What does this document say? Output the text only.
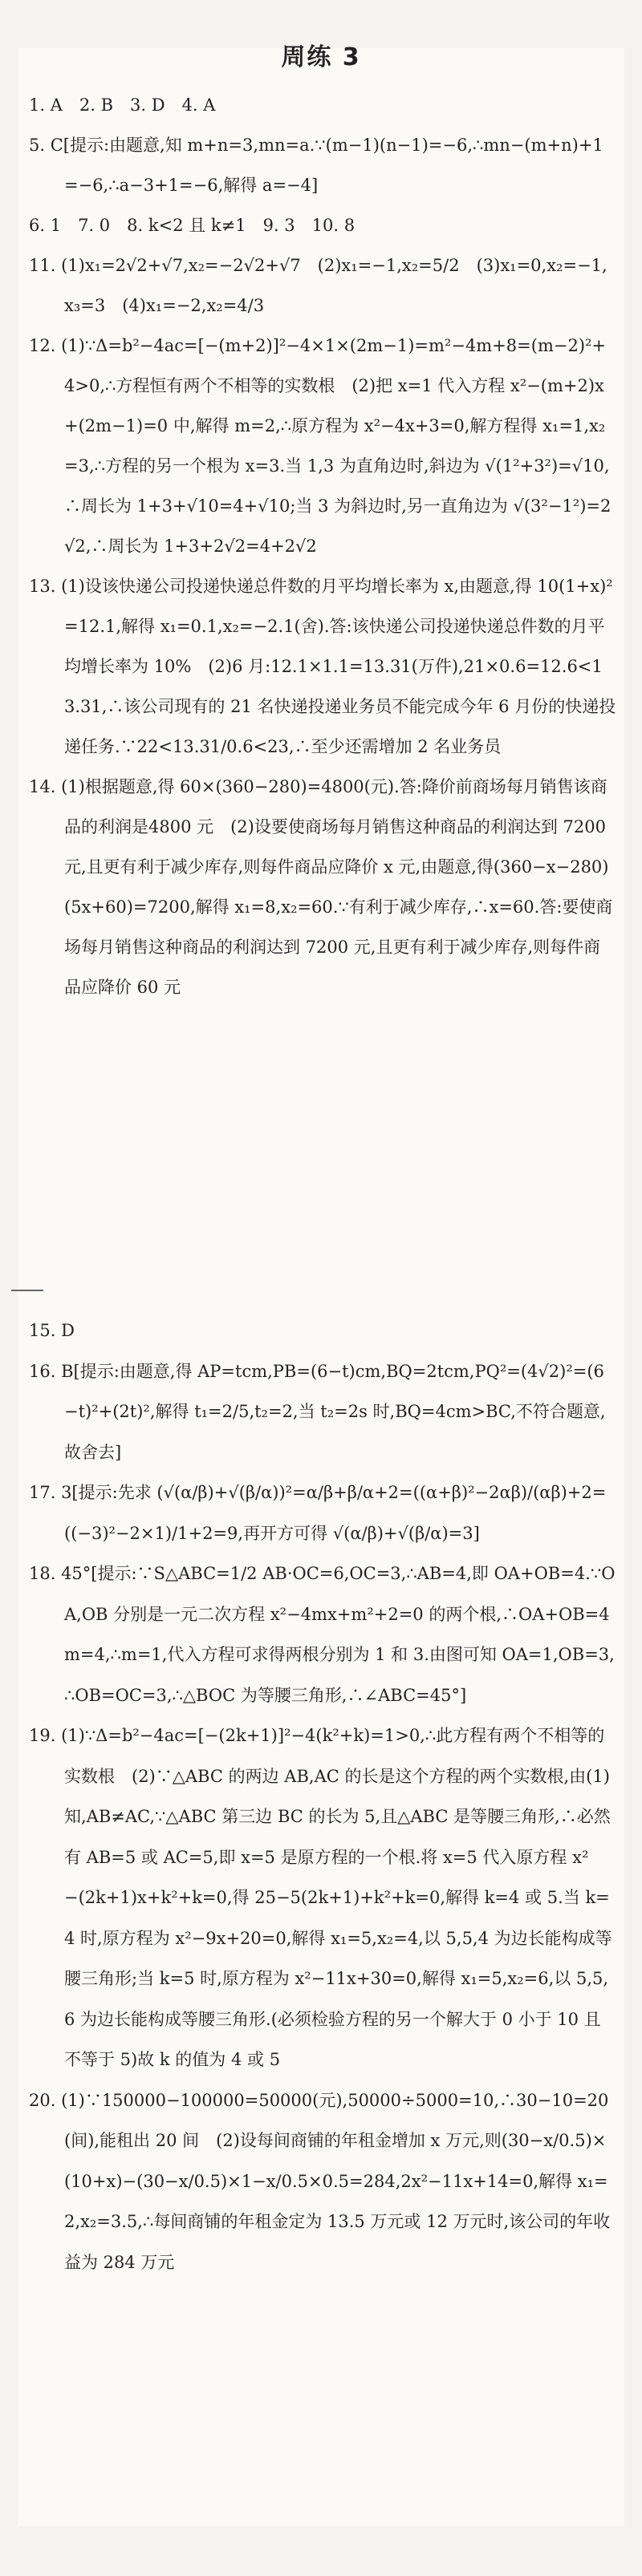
周练 3

1. A　2. B　3. D　4. A

5. C[提示:由题意,知 m+n=3,mn=a.∵(m−1)(n−1)=−6,∴mn−(m+n)+1=−6,∴a−3+1=−6,解得 a=−4]

6. 1　7. 0　8. k<2 且 k≠1　9. 3　10. 8

11. (1)x₁=2√2+√7,x₂=−2√2+√7　(2)x₁=−1,x₂=5/2　(3)x₁=0,x₂=−1,x₃=3　(4)x₁=−2,x₂=4/3

12. (1)∵Δ=b²−4ac=[−(m+2)]²−4×1×(2m−1)=m²−4m+8=(m−2)²+4>0,∴方程恒有两个不相等的实数根　(2)把 x=1 代入方程 x²−(m+2)x+(2m−1)=0 中,解得 m=2,∴原方程为 x²−4x+3=0,解方程得 x₁=1,x₂=3,∴方程的另一个根为 x=3.当 1,3 为直角边时,斜边为 √(1²+3²)=√10,∴周长为 1+3+√10=4+√10;当 3 为斜边时,另一直角边为 √(3²−1²)=2√2,∴周长为 1+3+2√2=4+2√2

13. (1)设该快递公司投递快递总件数的月平均增长率为 x,由题意,得 10(1+x)²=12.1,解得 x₁=0.1,x₂=−2.1(舍).答:该快递公司投递快递总件数的月平均增长率为 10%　(2)6 月:12.1×1.1=13.31(万件),21×0.6=12.6<13.31,∴该公司现有的 21 名快递投递业务员不能完成今年 6 月份的快递投递任务.∵22<13.31/0.6<23,∴至少还需增加 2 名业务员

14. (1)根据题意,得 60×(360−280)=4800(元).答:降价前商场每月销售该商品的利润是4800 元　(2)设要使商场每月销售这种商品的利润达到 7200 元,且更有利于减少库存,则每件商品应降价 x 元,由题意,得(360−x−280)(5x+60)=7200,解得 x₁=8,x₂=60.∵有利于减少库存,∴x=60.答:要使商场每月销售这种商品的利润达到 7200 元,且更有利于减少库存,则每件商品应降价 60 元

15. D

16. B[提示:由题意,得 AP=tcm,PB=(6−t)cm,BQ=2tcm,PQ²=(4√2)²=(6−t)²+(2t)²,解得 t₁=2/5,t₂=2,当 t₂=2s 时,BQ=4cm>BC,不符合题意,故舍去]

17. 3[提示:先求 (√(α/β)+√(β/α))²=α/β+β/α+2=((α+β)²−2αβ)/(αβ)+2=((−3)²−2×1)/1+2=9,再开方可得 √(α/β)+√(β/α)=3]

18. 45°[提示:∵S△ABC=1/2 AB·OC=6,OC=3,∴AB=4,即 OA+OB=4.∵OA,OB 分别是一元二次方程 x²−4mx+m²+2=0 的两个根,∴OA+OB=4m=4,∴m=1,代入方程可求得两根分别为 1 和 3.由图可知 OA=1,OB=3,∴OB=OC=3,∴△BOC 为等腰三角形,∴∠ABC=45°]

19. (1)∵Δ=b²−4ac=[−(2k+1)]²−4(k²+k)=1>0,∴此方程有两个不相等的实数根　(2)∵△ABC 的两边 AB,AC 的长是这个方程的两个实数根,由(1)知,AB≠AC,∵△ABC 第三边 BC 的长为 5,且△ABC 是等腰三角形,∴必然有 AB=5 或 AC=5,即 x=5 是原方程的一个根.将 x=5 代入原方程 x²−(2k+1)x+k²+k=0,得 25−5(2k+1)+k²+k=0,解得 k=4 或 5.当 k=4 时,原方程为 x²−9x+20=0,解得 x₁=5,x₂=4,以 5,5,4 为边长能构成等腰三角形;当 k=5 时,原方程为 x²−11x+30=0,解得 x₁=5,x₂=6,以 5,5,6 为边长能构成等腰三角形.(必须检验方程的另一个解大于 0 小于 10 且不等于 5)故 k 的值为 4 或 5

20. (1)∵150000−100000=50000(元),50000÷5000=10,∴30−10=20(间),能租出 20 间　(2)设每间商铺的年租金增加 x 万元,则(30−x/0.5)×(10+x)−(30−x/0.5)×1−x/0.5×0.5=284,2x²−11x+14=0,解得 x₁=2,x₂=3.5,∴每间商铺的年租金定为 13.5 万元或 12 万元时,该公司的年收益为 284 万元
